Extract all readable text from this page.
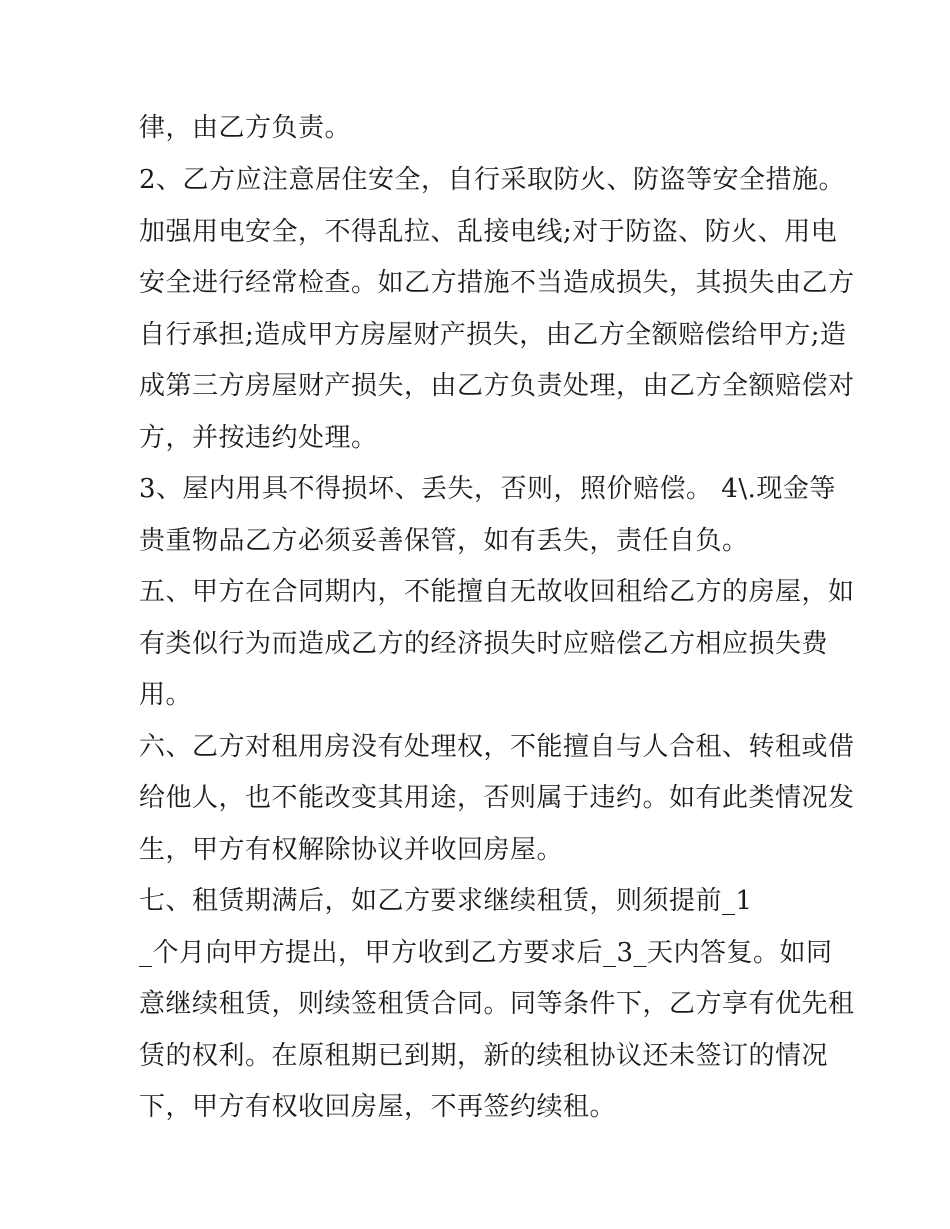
律，由乙方负责。
2、乙方应注意居住安全，自行采取防火、防盗等安全措施。
加强用电安全，不得乱拉、乱接电线;对于防盗、防火、用电
安全进行经常检查。如乙方措施不当造成损失，其损失由乙方
自行承担;造成甲方房屋财产损失，由乙方全额赔偿给甲方;造
成第三方房屋财产损失，由乙方负责处理，由乙方全额赔偿对
方，并按违约处理。
3、屋内用具不得损坏、丢失，否则，照价赔偿。 4\.现金等
贵重物品乙方必须妥善保管，如有丢失，责任自负。
五、甲方在合同期内，不能擅自无故收回租给乙方的房屋，如
有类似行为而造成乙方的经济损失时应赔偿乙方相应损失费
用。
六、乙方对租用房没有处理权，不能擅自与人合租、转租或借
给他人，也不能改变其用途，否则属于违约。如有此类情况发
生，甲方有权解除协议并收回房屋。
七、租赁期满后，如乙方要求继续租赁，则须提前_1
_个月向甲方提出，甲方收到乙方要求后_3_天内答复。如同
意继续租赁，则续签租赁合同。同等条件下，乙方享有优先租
赁的权利。在原租期已到期，新的续租协议还未签订的情况
下，甲方有权收回房屋，不再签约续租。
